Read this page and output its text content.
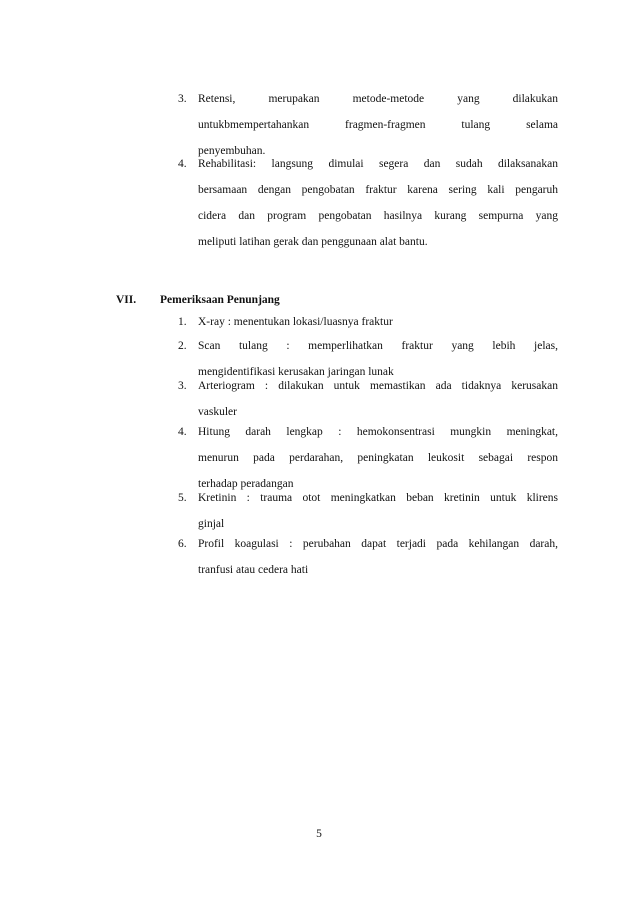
3. Retensi, merupakan metode-metode yang dilakukan
untukbmempertahankan fragmen-fragmen tulang selama
penyembuhan.
4. Rehabilitasi: langsung dimulai segera dan sudah dilaksanakan
bersamaan dengan pengobatan fraktur karena sering kali pengaruh
cidera dan program pengobatan hasilnya kurang sempurna yang
meliputi latihan gerak dan penggunaan alat bantu.
VII. Pemeriksaan Penunjang
1. X-ray : menentukan lokasi/luasnya fraktur
2. Scan tulang : memperlihatkan fraktur yang lebih jelas,
mengidentifikasi kerusakan jaringan lunak
3. Arteriogram : dilakukan untuk memastikan ada tidaknya kerusakan
vaskuler
4. Hitung darah lengkap : hemokonsentrasi mungkin meningkat,
menurun pada perdarahan, peningkatan leukosit sebagai respon
terhadap peradangan
5. Kretinin : trauma otot meningkatkan beban kretinin untuk klirens
ginjal
6. Profil koagulasi : perubahan dapat terjadi pada kehilangan darah,
tranfusi atau cedera hati
5
